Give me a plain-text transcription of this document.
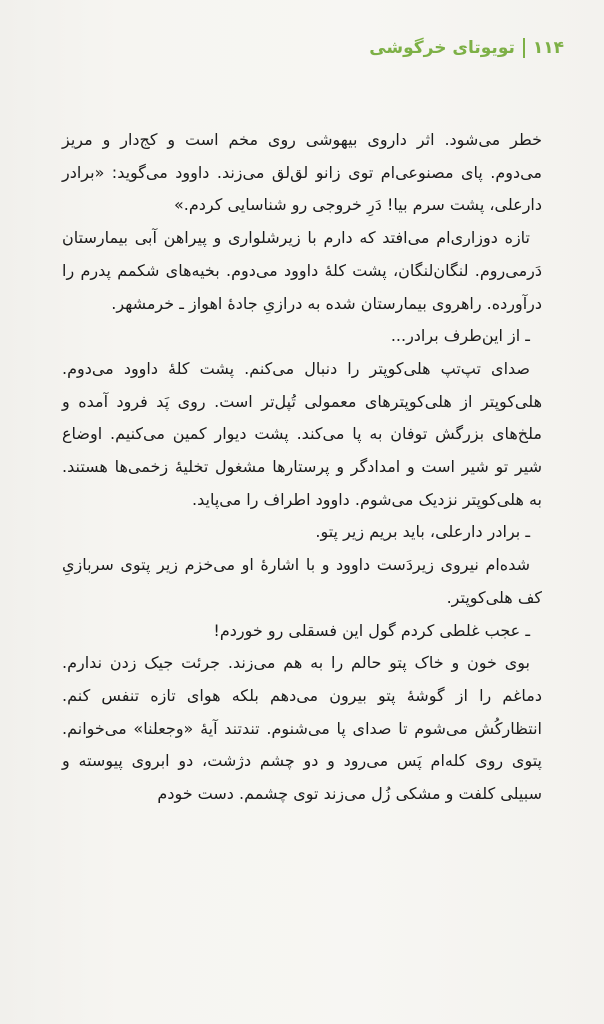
۱۱۴
تویوتای خرگوشی

خطر می‌شود. اثر داروی بیهوشی روی مخم است و کج‌دار و مریز می‌دوم. پای مصنوعی‌ام توی زانو لق‌لق می‌زند. داوود می‌گوید: «برادر دارعلی، پشت سرم بیا! دَرِ خروجی رو شناسایی کردم.»

تازه دوزاری‌ام می‌افتد که دارم با زیرشلواری و پیراهن آبی بیمارستان دَرمی‌روم. لنگان‌لنگان، پشت کلهٔ داوود می‌دوم. بخیه‌های شکمم پدرم را درآورده. راهروی بیمارستان شده به درازیِ جادهٔ اهواز ـ خرمشهر.

ـ از این‌طرف برادر...

صدای تپ‌تپ هلی‌کوپتر را دنبال می‌کنم. پشت کلهٔ داوود می‌دوم. هلی‌کوپتر از هلی‌کوپترهای معمولی تُپل‌تر است. روی پَد فرود آمده و ملخ‌های بزرگش توفان به پا می‌کند. پشت دیوار کمین می‌کنیم. اوضاع شیر تو شیر است و امدادگر و پرستارها مشغول تخلیهٔ زخمی‌ها هستند. به هلی‌کوپتر نزدیک می‌شوم. داوود اطراف را می‌پاید.

ـ برادر دارعلی، باید بریم زیر پتو.

شده‌ام نیروی زیردَست داوود و با اشارهٔ او می‌خزم زیر پتوی سربازیِ کف هلی‌کوپتر.

ـ عجب غلطی کردم گول این فسقلی رو خوردم!

بوی خون و خاک پتو حالم را به هم می‌زند. جرئت جیک زدن ندارم. دماغم را از گوشهٔ پتو بیرون می‌دهم بلکه هوای تازه تنفس کنم. انتظارکُش می‌شوم تا صدای پا می‌شنوم. تندتند آیهٔ «وجعلنا» می‌خوانم. پتوی روی کله‌ام پَس می‌رود و دو چشم دژشت، دو ابروی پیوسته و سبیلی کلفت و مشکی زُل می‌زند توی چشمم. دست خودم
